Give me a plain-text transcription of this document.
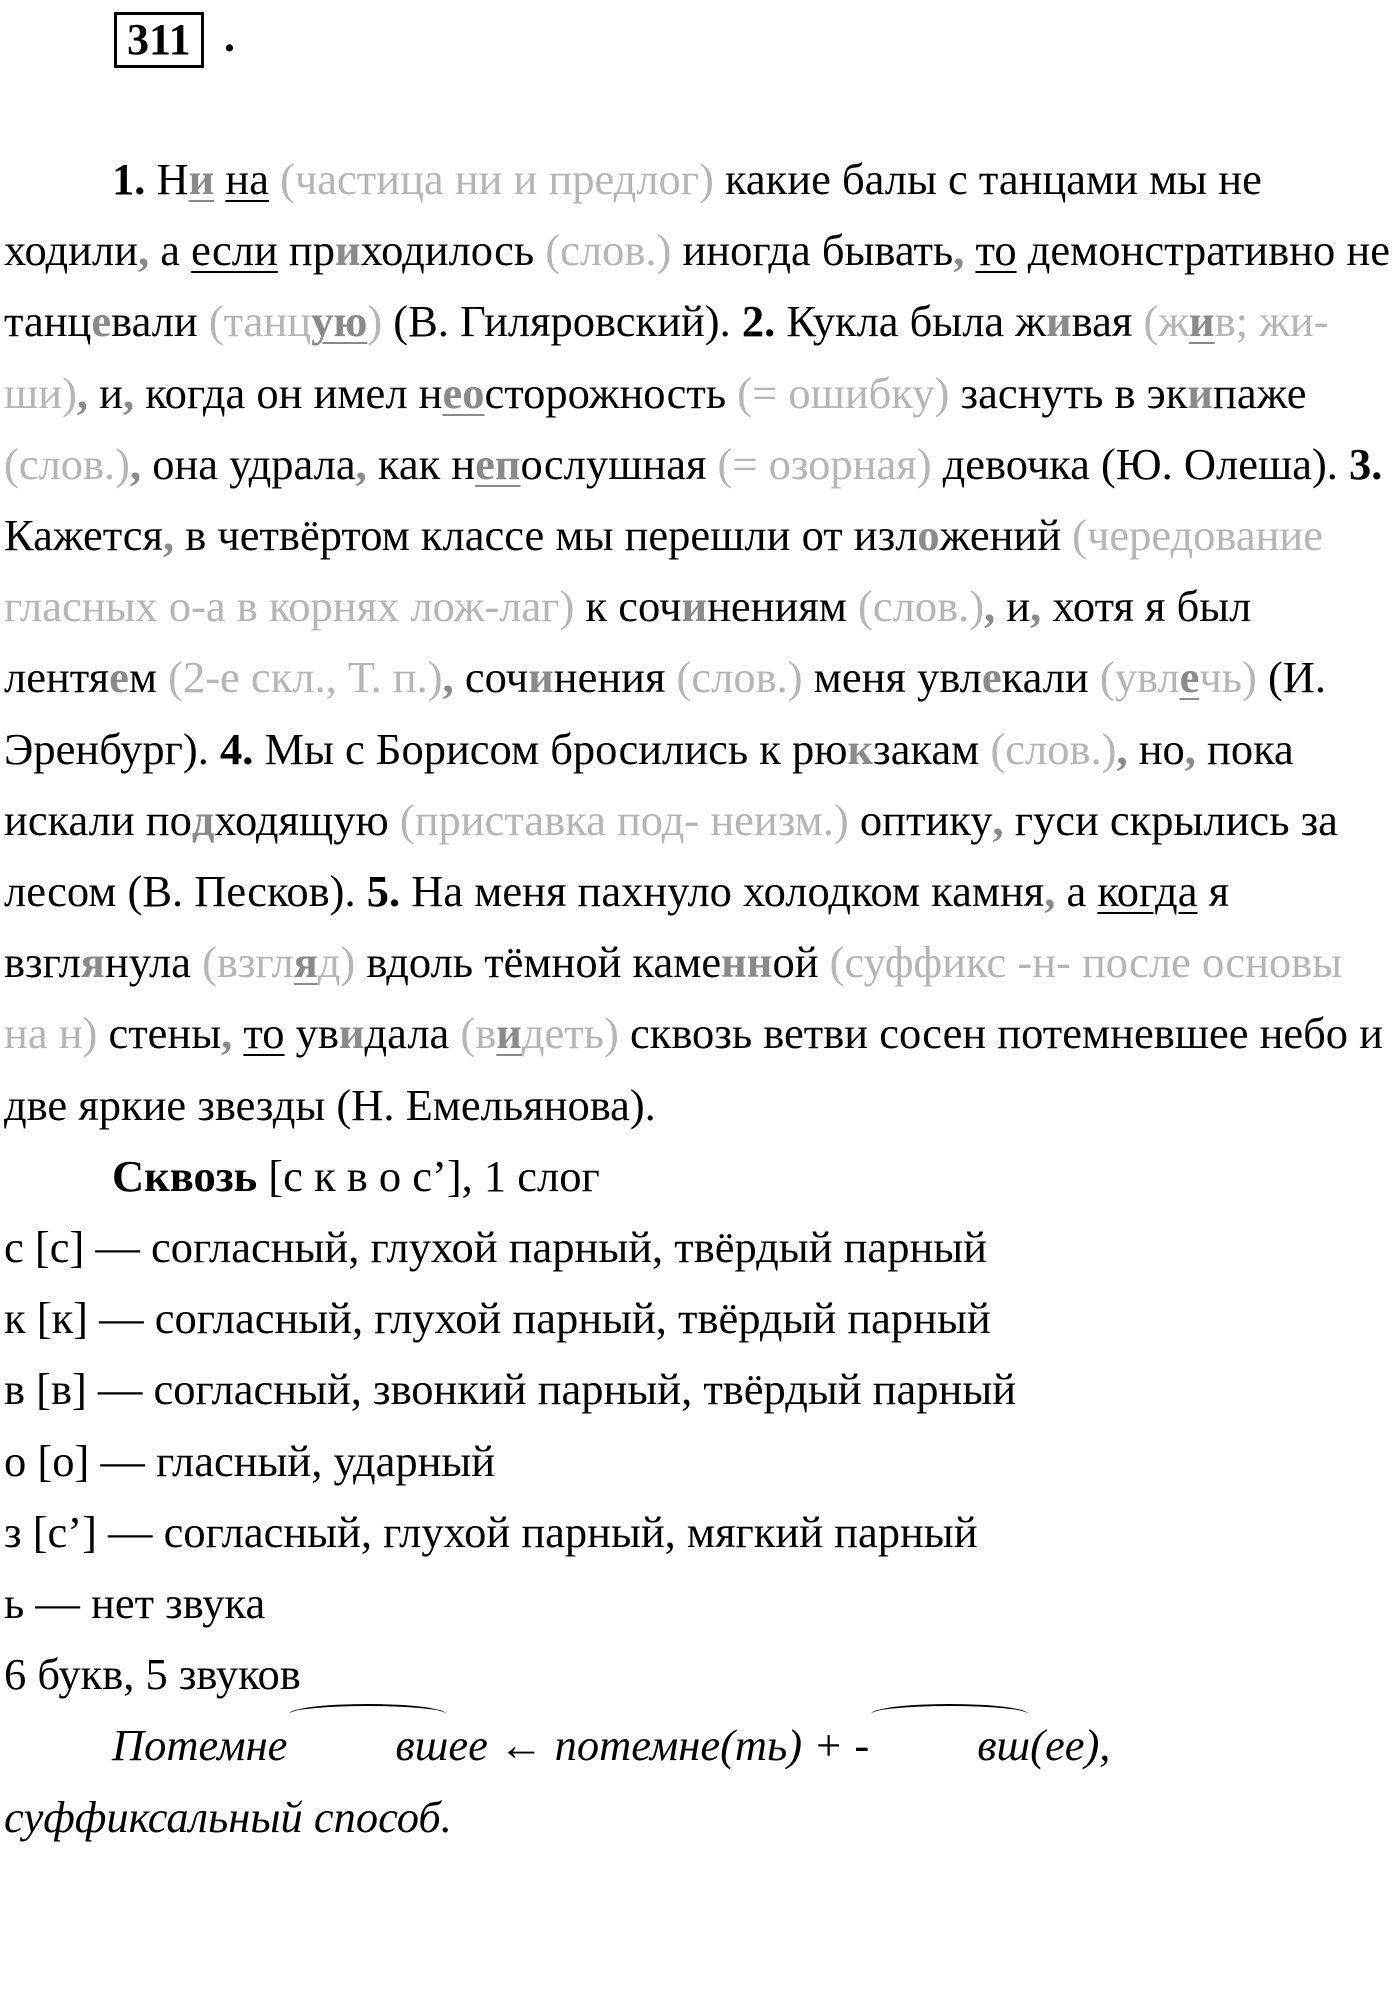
311 .

1. Ни на (частица ни и предлог) какие балы с танцами мы не ходили, а если приходилось (слов.) иногда бывать, то демонстративно не танцевали (танцую) (В. Гиляровский). 2. Кукла была живая (жив; жи-ши), и, когда он имел неосторожность (= ошибку) заснуть в экипаже (слов.), она удрала, как непослушная (= озорная) девочка (Ю. Олеша). 3. Кажется, в четвёртом классе мы перешли от изложений (чередование гласных о-а в корнях лож-лаг) к сочинениям (слов.), и, хотя я был лентяем (2-е скл., Т. п.), сочинения (слов.) меня увлекали (увлечь) (И. Эренбург). 4. Мы с Борисом бросились к рюкзакам (слов.), но, пока искали подходящую (приставка под- неизм.) оптику, гуси скрылись за лесом (В. Песков). 5. На меня пахнуло холодком камня, а когда я взглянула (взгляд) вдоль тёмной каменной (суффикс -н- после основы на н) стены, то увидала (видеть) сквозь ветви сосен потемневшее небо и две яркие звезды (Н. Емельянова).

Сквозь [с к в о с’], 1 слог

с [с] — согласный, глухой парный, твёрдый парный

к [к] — согласный, глухой парный, твёрдый парный

в [в] — согласный, звонкий парный, твёрдый парный

о [о] — гласный, ударный

з [с’] — согласный, глухой парный, мягкий парный

ь — нет звука

6 букв, 5 звуков

Потемне вшее ← потемне(ть) + - вш(ее),

суффиксальный способ.
